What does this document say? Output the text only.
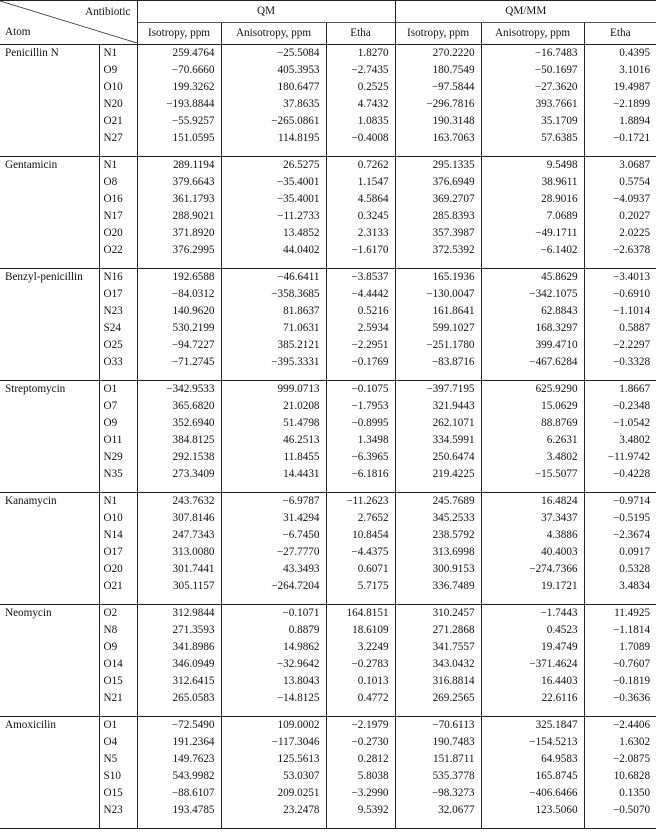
Antibiotic
Atom		QM			QM/MM		
		Isotropy, ppm	Anisotropy, ppm	Etha	Isotropy, ppm	Anisotropy, ppm	Etha
Penicillin N	N1	259.4764	−25.5084	1.8270	270.2220	−16.7483	0.4395
	O9	−70.6660	405.3953	−2.7435	180.7549	−50.1697	3.1016
	O10	199.3262	180.6477	0.2525	−97.5844	−27.3620	19.4987
	N20	−193.8844	37.8635	4.7432	−296.7816	393.7661	−2.1899
	O21	−55.9257	−265.0861	1.0835	190.3148	35.1709	1.8894
	N27	151.0595	114.8195	−0.4008	163.7063	57.6385	−0.1721

Gentamicin	N1	289.1194	26.5275	0.7262	295.1335	9.5498	3.0687
	O8	379.6643	−35.4001	1.1547	376.6949	38.9611	0.5754
	O16	361.1793	−35.4001	4.5864	369.2707	28.9016	−4.0937
	N17	288.9021	−11.2733	0.3245	285.8393	7.0689	0.2027
	O20	371.8920	13.4852	2.3133	357.3987	−49.1711	2.0225
	O22	376.2995	44.0402	−1.6170	372.5392	−6.1402	−2.6378

Benzyl-penicillin	N16	192.6588	−46.6411	−3.8537	165.1936	45.8629	−3.4013
	O17	−84.0312	−358.3685	−4.4442	−130.0047	−342.1075	−0.6910
	N23	140.9620	81.8637	0.5216	161.8641	62.8843	−1.1014
	S24	530.2199	71.0631	2.5934	599.1027	168.3297	0.5887
	O25	−94.7227	385.2121	−2.2951	−251.1780	399.4710	−2.2297
	O33	−71.2745	−395.3331	−0.1769	−83.8716	−467.6284	−0.3328

Streptomycin	O1	−342.9533	999.0713	−0.1075	−397.7195	625.9290	1.8667
	O7	365.6820	21.0208	−1.7953	321.9443	15.0629	−0.2348
	O9	352.6940	51.4798	−0.8995	262.1071	88.8769	−1.0542
	O11	384.8125	46.2513	1.3498	334.5991	6.2631	3.4802
	N29	292.1538	11.8455	−6.3965	250.6474	3.4802	−11.9742
	N35	273.3409	14.4431	−6.1816	219.4225	−15.5077	−0.4228

Kanamycin	N1	243.7632	−6.9787	−11.2623	245.7689	16.4824	−0.9714
	O10	307.8146	31.4294	2.7652	345.2533	37.3437	−0.5195
	N14	247.7343	−6.7450	10.8454	238.5792	4.3886	−2.3674
	O17	313.0080	−27.7770	−4.4375	313.6998	40.4003	0.0917
	O20	301.7441	43.3493	0.6071	300.9153	−274.7366	0.5328
	O21	305.1157	−264.7204	5.7175	336.7489	19.1721	3.4834

Neomycin	O2	312.9844	−0.1071	164.8151	310.2457	−1.7443	11.4925
	N8	271.3593	0.8879	18.6109	271.2868	0.4523	−1.1814
	O9	341.8986	14.9862	3.2249	341.7557	19.4749	1.7089
	O14	346.0949	−32.9642	−0.2783	343.0432	−371.4624	−0.7607
	O15	312.6415	13.8043	0.1013	316.8814	16.4403	−0.1819
	N21	265.0583	−14.8125	0.4772	269.2565	22.6116	−0.3636

Amoxicilin	O1	−72.5490	109.0002	−2.1979	−70.6113	325.1847	−2.4406
	O4	191.2364	−117.3046	−0.2730	190.7483	−154.5213	1.6302
	N5	149.7623	125.5613	0.2812	151.8711	64.9583	−2.0875
	S10	543.9982	53.0307	5.8038	535.3778	165.8745	10.6828
	O15	−88.6107	209.0251	−3.2990	−98.3273	−406.6466	0.1350
	N23	193.4785	23.2478	9.5392	32.0677	123.5060	−0.5070
